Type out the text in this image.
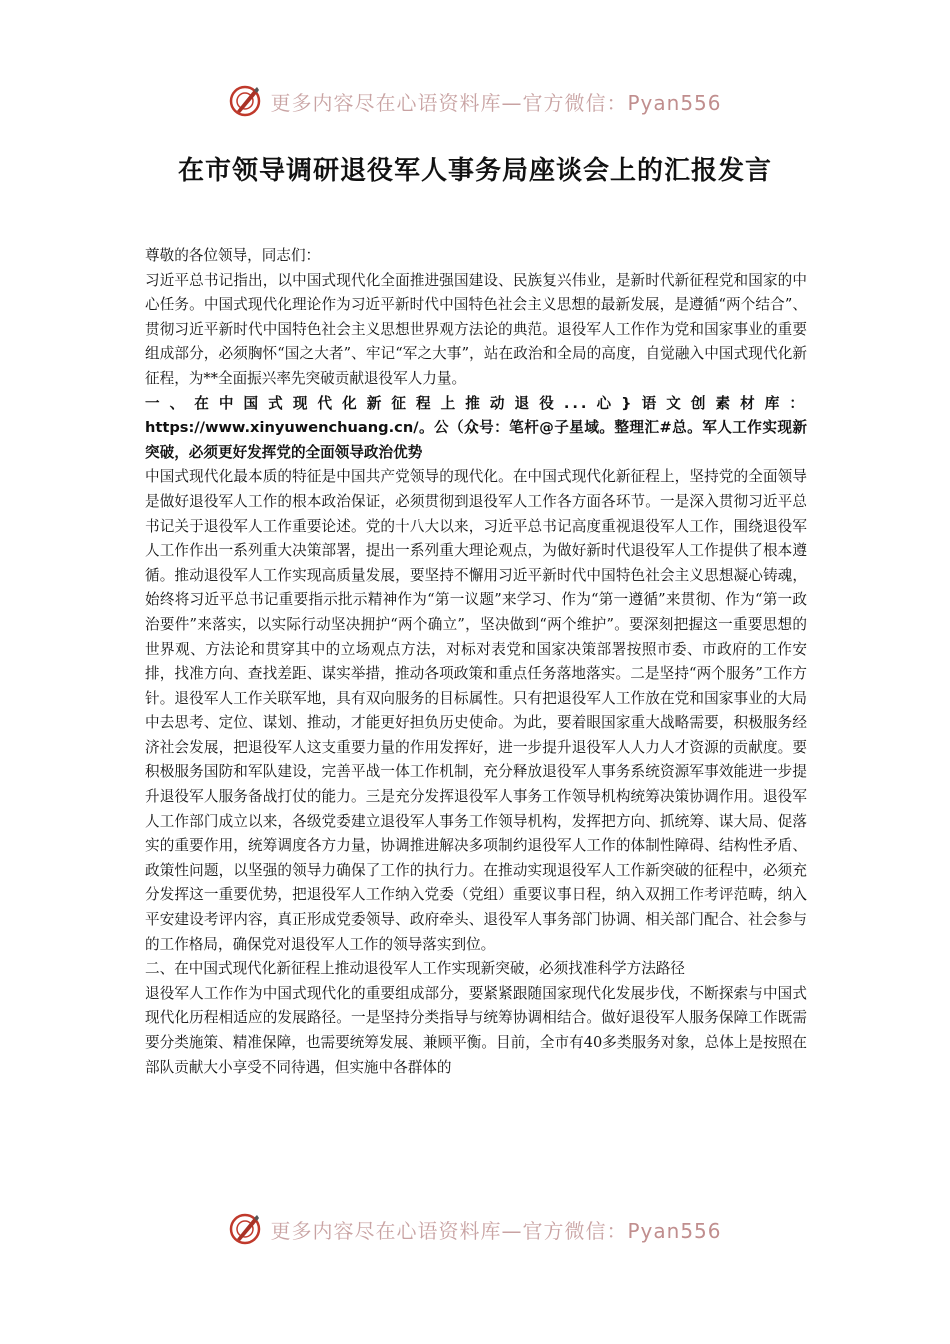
更多内容尽在心语资料库—官方微信：Pyan556
在市领导调研退役军人事务局座谈会上的汇报发言

尊敬的各位领导，同志们：

习近平总书记指出，以中国式现代化全面推进强国建设、民族复兴伟业，是新时代新征程党和国家的中心任务。中国式现代化理论作为习近平新时代中国特色社会主义思想的最新发展，是遵循“两个结合”、贯彻习近平新时代中国特色社会主义思想世界观方法论的典范。退役军人工作作为党和国家事业的重要组成部分，必须胸怀“国之大者”、牢记“军之大事”，站在政治和全局的高度，自觉融入中国式现代化新征程，为**全面振兴率先突破贡献退役军人力量。

一、在中国式现代化新征程上推动退役...心}语文创素材库： https://www.xinyuwenchuang.cn/。公（众号：笔杆@子星域。整理汇#总。军人工作实现新突破，必须更好发挥党的全面领导政治优势

中国式现代化最本质的特征是中国共产党领导的现代化。在中国式现代化新征程上，坚持党的全面领导是做好退役军人工作的根本政治保证，必须贯彻到退役军人工作各方面各环节。一是深入贯彻习近平总书记关于退役军人工作重要论述。党的十八大以来，习近平总书记高度重视退役军人工作，围绕退役军人工作作出一系列重大决策部署，提出一系列重大理论观点，为做好新时代退役军人工作提供了根本遵循。推动退役军人工作实现高质量发展，要坚持不懈用习近平新时代中国特色社会主义思想凝心铸魂，始终将习近平总书记重要指示批示精神作为“第一议题”来学习、作为“第一遵循”来贯彻、作为“第一政治要件”来落实，以实际行动坚决拥护“两个确立”，坚决做到“两个维护”。要深刻把握这一重要思想的世界观、方法论和贯穿其中的立场观点方法，对标对表党和国家决策部署按照市委、市政府的工作安排，找准方向、查找差距、谋实举措，推动各项政策和重点任务落地落实。二是坚持“两个服务”工作方针。退役军人工作关联军地，具有双向服务的目标属性。只有把退役军人工作放在党和国家事业的大局中去思考、定位、谋划、推动，才能更好担负历史使命。为此，要着眼国家重大战略需要，积极服务经济社会发展，把退役军人这支重要力量的作用发挥好，进一步提升退役军人人力人才资源的贡献度。要积极服务国防和军队建设，完善平战一体工作机制，充分释放退役军人事务系统资源军事效能进一步提升退役军人服务备战打仗的能力。三是充分发挥退役军人事务工作领导机构统筹决策协调作用。退役军人工作部门成立以来，各级党委建立退役军人事务工作领导机构，发挥把方向、抓统筹、谋大局、促落实的重要作用，统筹调度各方力量，协调推进解决多项制约退役军人工作的体制性障碍、结构性矛盾、政策性问题，以坚强的领导力确保了工作的执行力。在推动实现退役军人工作新突破的征程中，必须充分发挥这一重要优势，把退役军人工作纳入党委（党组）重要议事日程，纳入双拥工作考评范畴，纳入平安建设考评内容，真正形成党委领导、政府牵头、退役军人事务部门协调、相关部门配合、社会参与的工作格局，确保党对退役军人工作的领导落实到位。

二、在中国式现代化新征程上推动退役军人工作实现新突破，必须找准科学方法路径

退役军人工作作为中国式现代化的重要组成部分，要紧紧跟随国家现代化发展步伐，不断探索与中国式现代化历程相适应的发展路径。一是坚持分类指导与统筹协调相结合。做好退役军人服务保障工作既需要分类施策、精准保障，也需要统筹发展、兼顾平衡。目前，全市有40多类服务对象，总体上是按照在部队贡献大小享受不同待遇，但实施中各群体的

更多内容尽在心语资料库—官方微信：Pyan556
